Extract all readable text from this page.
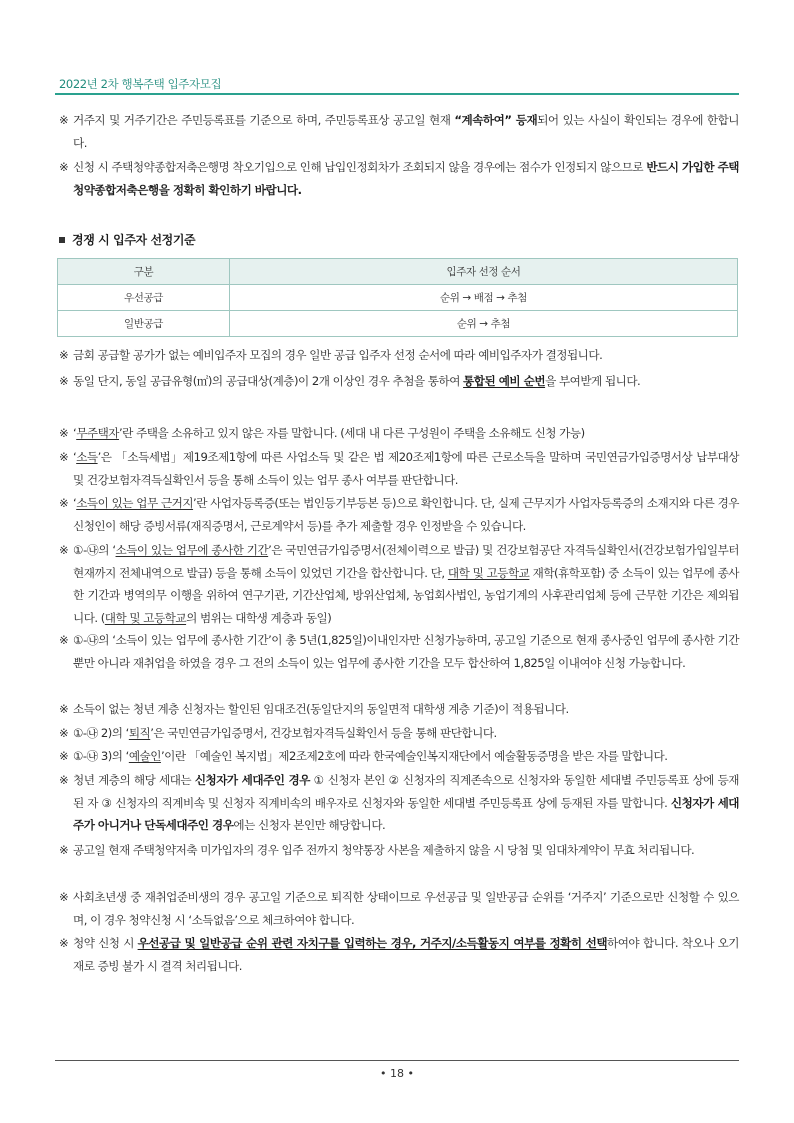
2022년 2차 행복주택 입주자모집
※ 거주지 및 거주기간은 주민등록표를 기준으로 하며, 주민등록표상 공고일 현재 “계속하여” 등재되어 있는 사실이 확인되는 경우에 한합니다.
※ 신청 시 주택청약종합저축은행명 착오기입으로 인해 납입인정회차가 조회되지 않을 경우에는 점수가 인정되지 않으므로 반드시 가입한 주택청약종합저축은행을 정확히 확인하기 바랍니다.
경쟁 시 입주자 선정기준
구분	입주자 선정 순서
우선공급	순위 → 배점 → 추첨
일반공급	순위 → 추첨
※ 금회 공급할 공가가 없는 예비입주자 모집의 경우 일반 공급 입주자 선정 순서에 따라 예비입주자가 결정됩니다.
※ 동일 단지, 동일 공급유형(㎡)의 공급대상(계층)이 2개 이상인 경우 추첨을 통하여 통합된 예비 순번을 부여받게 됩니다.
※ ‘무주택자’란 주택을 소유하고 있지 않은 자를 말합니다. (세대 내 다른 구성원이 주택을 소유해도 신청 가능)
※ ‘소득’은 「소득세법」제19조제1항에 따른 사업소득 및 같은 법 제20조제1항에 따른 근로소득을 말하며 국민연금가입증명서상 납부대상 및 건강보험자격득실확인서 등을 통해 소득이 있는 업무 종사 여부를 판단합니다.
※ ‘소득이 있는 업무 근거지’란 사업자등록증(또는 법인등기부등본 등)으로 확인합니다. 단, 실제 근무지가 사업자등록증의 소재지와 다른 경우 신청인이 해당 증빙서류(재직증명서, 근로계약서 등)를 추가 제출할 경우 인정받을 수 있습니다.
※ ①-㉯의 ‘소득이 있는 업무에 종사한 기간’은 국민연금가입증명서(전체이력으로 발급) 및 건강보험공단 자격득실확인서(건강보험가입일부터 현재까지 전체내역으로 발급) 등을 통해 소득이 있었던 기간을 합산합니다. 단, 대학 및 고등학교 재학(휴학포함) 중 소득이 있는 업무에 종사한 기간과 병역의무 이행을 위하여 연구기관, 기간산업체, 방위산업체, 농업회사법인, 농업기계의 사후관리업체 등에 근무한 기간은 제외됩니다. (대학 및 고등학교의 범위는 대학생 계층과 동일)
※ ①-㉯의 ‘소득이 있는 업무에 종사한 기간’이 총 5년(1,825일)이내인자만 신청가능하며, 공고일 기준으로 현재 종사중인 업무에 종사한 기간뿐만 아니라 재취업을 하였을 경우 그 전의 소득이 있는 업무에 종사한 기간을 모두 합산하여 1,825일 이내여야 신청 가능합니다.
※ 소득이 없는 청년 계층 신청자는 할인된 임대조건(동일단지의 동일면적 대학생 계층 기준)이 적용됩니다.
※ ①-㉯ 2)의 ‘퇴직’은 국민연금가입증명서, 건강보험자격득실확인서 등을 통해 판단합니다.
※ ①-㉯ 3)의 ‘예술인’이란 「예술인 복지법」제2조제2호에 따라 한국예술인복지재단에서 예술활동증명을 받은 자를 말합니다.
※ 청년 계층의 해당 세대는 신청자가 세대주인 경우 ① 신청자 본인 ② 신청자의 직계존속으로 신청자와 동일한 세대별 주민등록표 상에 등재된 자 ③ 신청자의 직계비속 및 신청자 직계비속의 배우자로 신청자와 동일한 세대별 주민등록표 상에 등재된 자를 말합니다. 신청자가 세대주가 아니거나 단독세대주인 경우에는 신청자 본인만 해당합니다.
※ 공고일 현재 주택청약저축 미가입자의 경우 입주 전까지 청약통장 사본을 제출하지 않을 시 당첨 및 임대차계약이 무효 처리됩니다.
※ 사회초년생 중 재취업준비생의 경우 공고일 기준으로 퇴직한 상태이므로 우선공급 및 일반공급 순위를 ‘거주지’ 기준으로만 신청할 수 있으며, 이 경우 청약신청 시 ‘소득없음’으로 체크하여야 합니다.
※ 청약 신청 시 우선공급 및 일반공급 순위 관련 자치구를 입력하는 경우, 거주지/소득활동지 여부를 정확히 선택하여야 합니다. 착오나 오기재로 증빙 불가 시 결격 처리됩니다.
• 18 •
